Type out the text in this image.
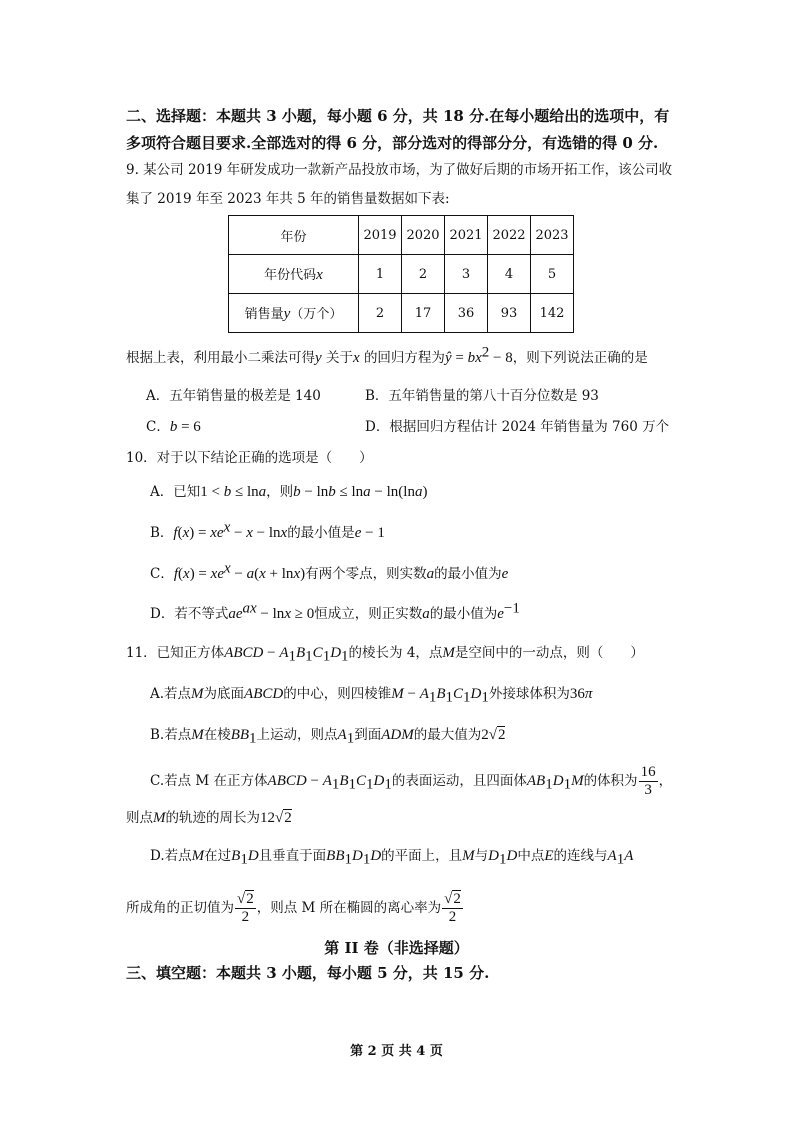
二、选择题：本题共 3 小题，每小题 6 分，共 18 分.在每小题给出的选项中，有
多项符合题目要求.全部选对的得 6 分，部分选对的得部分分，有选错的得 0 分.
9. 某公司 2019 年研发成功一款新产品投放市场，为了做好后期的市场开拓工作，该公司收
集了 2019 年至 2023 年共 5 年的销售量数据如下表:
年份	2019	2020	2021	2022	2023
年份代码x	1	2	3	4	5
销售量y（万个）	2	17	36	93	142
根据上表，利用最小二乘法可得y 关于x 的回归方程为ŷ = $bx^2 - 8$，则下列说法正确的是
A．五年销售量的极差是 140	B．五年销售量的第八十百分位数是 93
C．b = 6	D．根据回归方程估计 2024 年销售量为 760 万个
10．对于以下结论正确的选项是（　　）
A．已知1 < b ≤ lna，则b − lnb ≤ lna − ln(lna)
B．$f(x) = xe^x - x - \ln x$的最小值是e − 1
C．$f(x) = xe^x - a(x + \ln x)$有两个零点，则实数a的最小值为e
D．若不等式$ae^{ax} - \ln x \ge 0$恒成立，则正实数a的最小值为$e^{-1}$
11．已知正方体ABCD − $A_1B_1C_1D_1$的棱长为 4，点M是空间中的一动点，则（　　）
A.若点M为底面ABCD的中心，则四棱锥$M - A_1B_1C_1D_1$外接球体积为36π
B.若点M在棱$BB_1$上运动，则点$A_1$到面ADM的最大值为2√2
C.若点 M 在正方体ABCD − $A_1B_1C_1D_1$的表面运动，且四面体$AB_1D_1M$的体积为 $\frac{16}{3}$ ，
则点M的轨迹的周长为12√2
D.若点M在过$B_1D$且垂直于面$BB_1D_1D$的平面上，且M与$D_1D$中点E的连线与$A_1A$
所成角的正切值为 $\frac{√2}{2}$ ，则点 M 所在椭圆的离心率为 $\frac{√2}{2}$
第 II 卷（非选择题）
三、填空题：本题共 3 小题，每小题 5 分，共 15 分.
第 2 页 共 4 页
